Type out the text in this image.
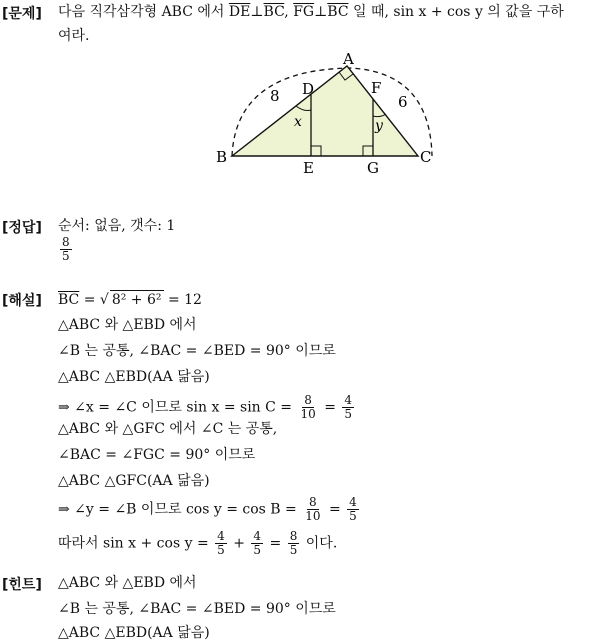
[문제] 다음 직각삼각형 ABC 에서 $\overline{DE}\perp\overline{BC}$, $\overline{FG}\perp\overline{BC}$ 일 때, sin x + cos y 의 값을 구하
여라.
A
B	C
D
E
F
G
8	6
x	y
[정답] 순서: 없음, 갯수: 1
$\frac{8}{5}$
[해설] $\overline{BC}$ = √ 8² + 6² = 12
△ABC 와 △EBD 에서
∠B 는 공통, ∠BAC = ∠BED = 90° 이므로
△ABC △EBD(AA 닮음)
⇒ ∠x = ∠C 이므로 $\sin x = \sin C = \frac{8}{10} = \frac{4}{5}$
△ABC 와 △GFC 에서 ∠C 는 공통,
∠BAC = ∠FGC = 90° 이므로
△ABC △GFC(AA 닮음)
⇒ ∠y = ∠B 이므로 $\cos y = \cos B = \frac{8}{10} = \frac{4}{5}$
따라서 $\sin x + \cos y = \frac{4}{5} + \frac{4}{5} = \frac{8}{5}$ 이다.
[힌트] △ABC 와 △EBD 에서
∠B 는 공통, ∠BAC = ∠BED = 90° 이므로
△ABC △EBD(AA 닮음)
